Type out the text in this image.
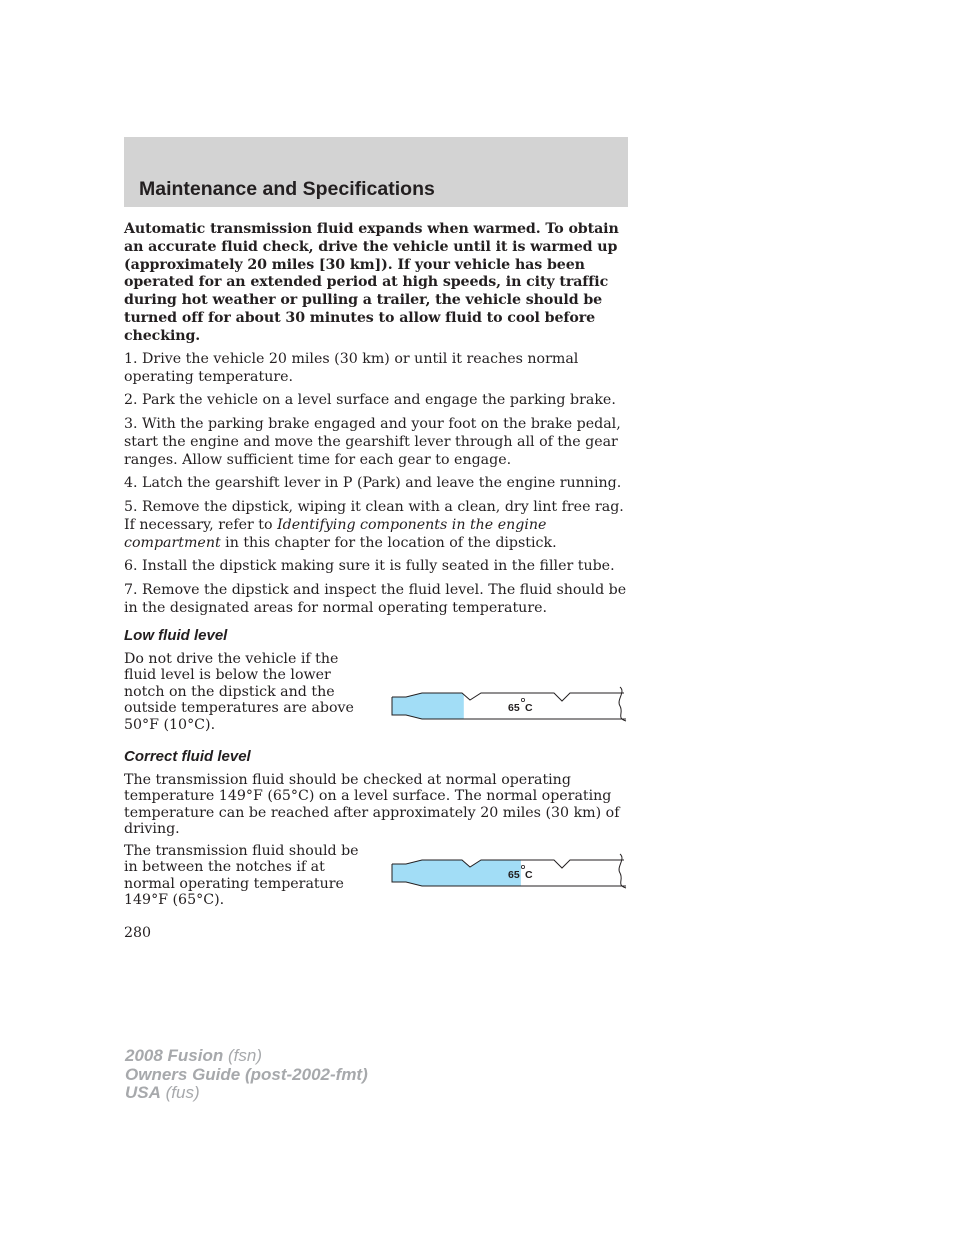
Maintenance and Specifications
Automatic transmission fluid expands when warmed. To obtain an accurate fluid check, drive the vehicle until it is warmed up (approximately 20 miles [30 km]). If your vehicle has been operated for an extended period at high speeds, in city traffic during hot weather or pulling a trailer, the vehicle should be turned off for about 30 minutes to allow fluid to cool before checking.

1. Drive the vehicle 20 miles (30 km) or until it reaches normal operating temperature.

2. Park the vehicle on a level surface and engage the parking brake.

3. With the parking brake engaged and your foot on the brake pedal, start the engine and move the gearshift lever through all of the gear ranges. Allow sufficient time for each gear to engage.

4. Latch the gearshift lever in P (Park) and leave the engine running.

5. Remove the dipstick, wiping it clean with a clean, dry lint free rag. If necessary, refer to Identifying components in the engine compartment in this chapter for the location of the dipstick.

6. Install the dipstick making sure it is fully seated in the filler tube.

7. Remove the dipstick and inspect the fluid level. The fluid should be in the designated areas for normal operating temperature.

Low fluid level

Do not drive the vehicle if the fluid level is below the lower notch on the dipstick and the outside temperatures are above 50°F (10°C).

65 C
Correct fluid level

The transmission fluid should be checked at normal operating temperature 149°F (65°C) on a level surface. The normal operating temperature can be reached after approximately 20 miles (30 km) of driving.

The transmission fluid should be in between the notches if at normal operating temperature 149°F (65°C).

65 C

280

2008 Fusion (fsn)
Owners Guide (post-2002-fmt)
USA (fus)
